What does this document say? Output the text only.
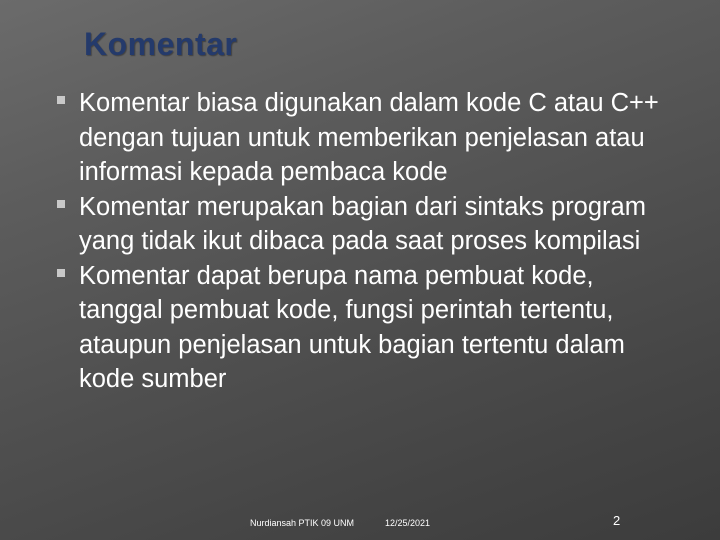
Komentar
Komentar biasa digunakan dalam kode C atau C++ dengan tujuan untuk memberikan penjelasan atau informasi kepada pembaca kode
Komentar merupakan bagian dari sintaks program yang tidak ikut dibaca pada saat proses kompilasi
Komentar dapat berupa nama pembuat kode, tanggal pembuat kode, fungsi perintah tertentu, ataupun penjelasan untuk bagian tertentu dalam kode sumber
Nurdiansah PTIK 09 UNM	12/25/2021	2
